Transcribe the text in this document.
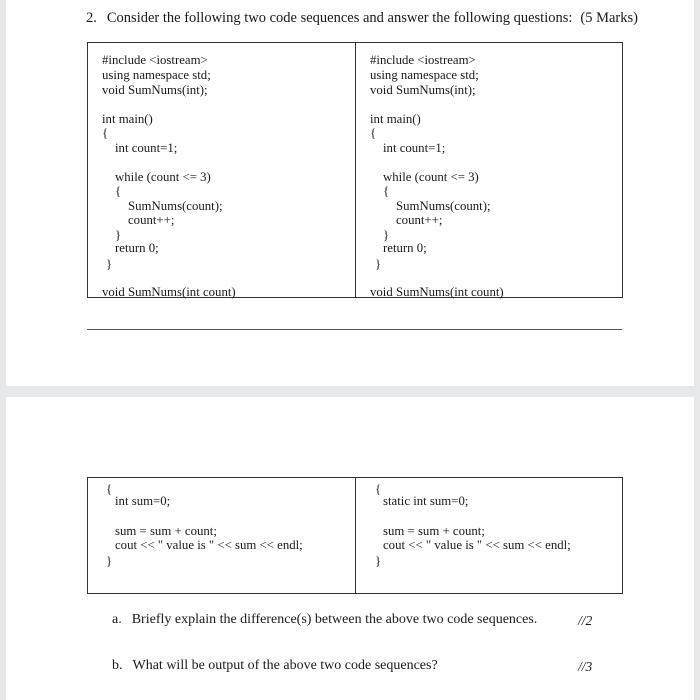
2. Consider the following two code sequences and answer the following questions: (5 Marks)
#include <iostream>
using namespace std;
void SumNums(int);
int main()
{
int count=1;
while (count <= 3)
{
SumNums(count);
count++;
}
return 0;
}
void SumNums(int count)
#include <iostream>
using namespace std;
void SumNums(int);
int main()
{
int count=1;
while (count <= 3)
{
SumNums(count);
count++;
}
return 0;
}
void SumNums(int count)
{
int sum=0;
sum = sum + count;
cout << " value is " << sum << endl;
}
{
static int sum=0;
sum = sum + count;
cout << " value is " << sum << endl;
}
a. Briefly explain the difference(s) between the above two code sequences.	//2
b. What will be output of the above two code sequences?	//3
